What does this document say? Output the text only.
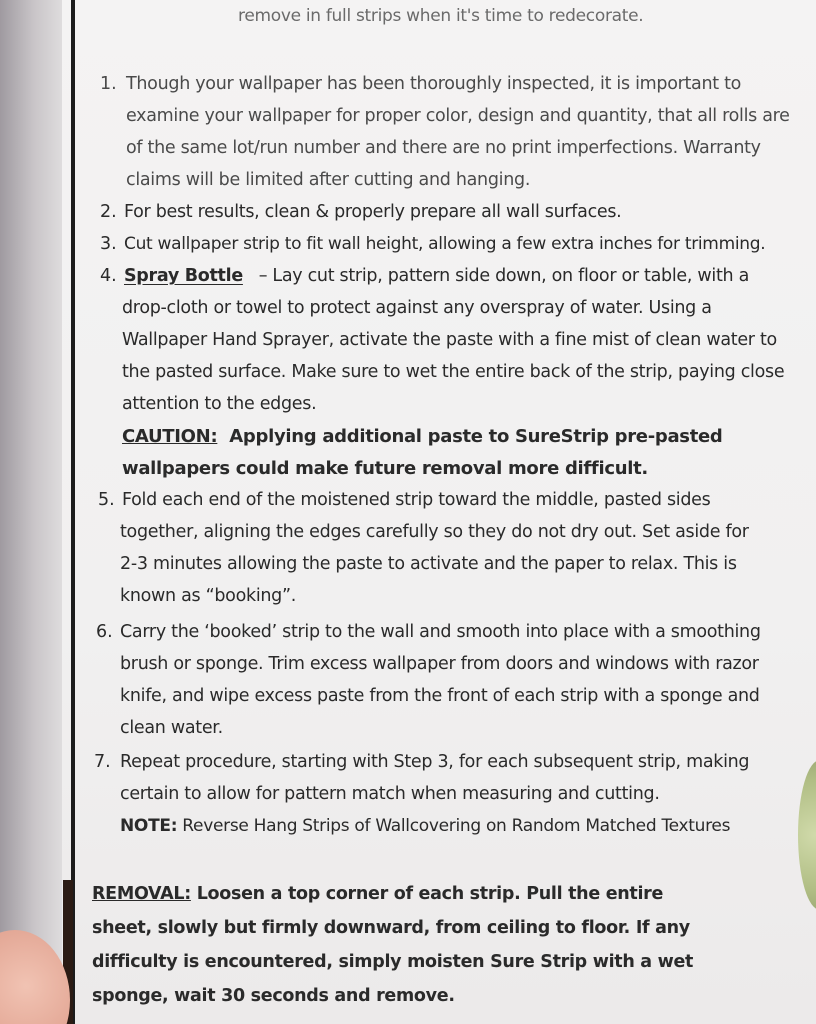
remove in full strips when it's time to redecorate.
1. Though your wallpaper has been thoroughly inspected, it is important to
examine your wallpaper for proper color, design and quantity, that all rolls are
of the same lot/run number and there are no print imperfections. Warranty
claims will be limited after cutting and hanging.
2. For best results, clean & properly prepare all wall surfaces.
3. Cut wallpaper strip to fit wall height, allowing a few extra inches for trimming.
4. Spray Bottle – Lay cut strip, pattern side down, on floor or table, with a
drop-cloth or towel to protect against any overspray of water. Using a
Wallpaper Hand Sprayer, activate the paste with a fine mist of clean water to
the pasted surface. Make sure to wet the entire back of the strip, paying close
attention to the edges.
CAUTION: Applying additional paste to SureStrip pre-pasted
wallpapers could make future removal more difficult.
5. Fold each end of the moistened strip toward the middle, pasted sides
together, aligning the edges carefully so they do not dry out. Set aside for
2-3 minutes allowing the paste to activate and the paper to relax. This is
known as “booking”.
6. Carry the ‘booked’ strip to the wall and smooth into place with a smoothing
brush or sponge. Trim excess wallpaper from doors and windows with razor
knife, and wipe excess paste from the front of each strip with a sponge and
clean water.
7. Repeat procedure, starting with Step 3, for each subsequent strip, making
certain to allow for pattern match when measuring and cutting.
NOTE: Reverse Hang Strips of Wallcovering on Random Matched Textures
REMOVAL: Loosen a top corner of each strip. Pull the entire
sheet, slowly but firmly downward, from ceiling to floor. If any
difficulty is encountered, simply moisten Sure Strip with a wet
sponge, wait 30 seconds and remove.
